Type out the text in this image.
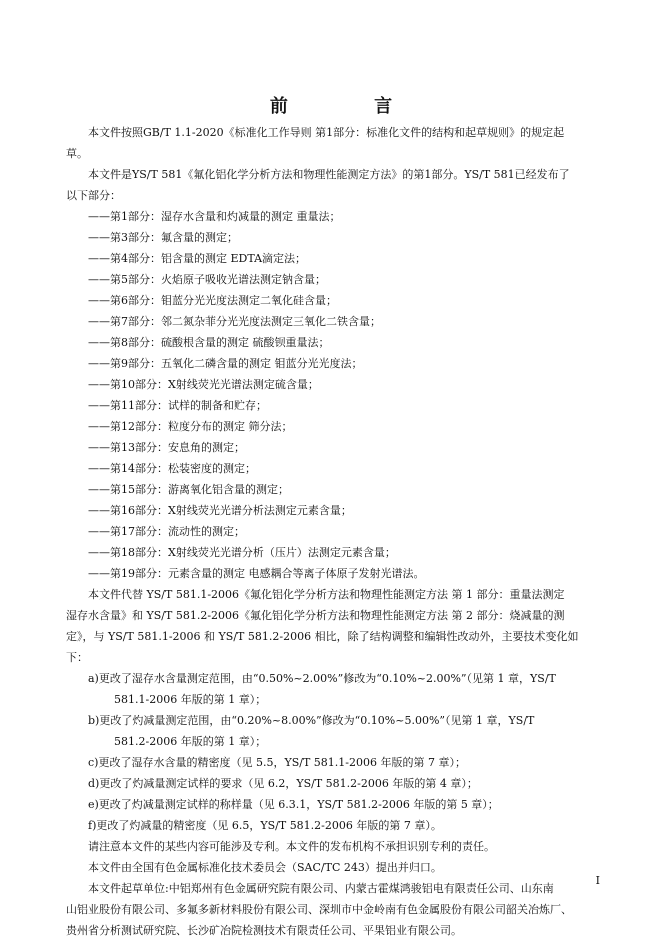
前 言

本文件按照GB/T 1.1-2020《标准化工作导则 第1部分：标准化文件的结构和起草规则》的规定起

草。

本文件是YS/T 581《氟化铝化学分析方法和物理性能测定方法》的第1部分。YS/T 581已经发布了

以下部分：

——第1部分：湿存水含量和灼减量的测定 重量法；

——第3部分：氟含量的测定；

——第4部分：铝含量的测定 EDTA滴定法；

——第5部分：火焰原子吸收光谱法测定钠含量；

——第6部分：钼蓝分光光度法测定二氧化硅含量；

——第7部分：邻二氮杂菲分光光度法测定三氧化二铁含量；

——第8部分：硫酸根含量的测定 硫酸钡重量法；

——第9部分：五氧化二磷含量的测定 钼蓝分光光度法；

——第10部分：X射线荧光光谱法测定硫含量；

——第11部分：试样的制备和贮存；

——第12部分：粒度分布的测定 筛分法；

——第13部分：安息角的测定；

——第14部分：松装密度的测定；

——第15部分：游离氧化铝含量的测定；

——第16部分：X射线荧光光谱分析法测定元素含量；

——第17部分：流动性的测定；

——第18部分：X射线荧光光谱分析（压片）法测定元素含量；

——第19部分：元素含量的测定 电感耦合等离子体原子发射光谱法。

本文件代替 YS/T 581.1-2006《氟化铝化学分析方法和物理性能测定方法 第 1 部分：重量法测定

湿存水含量》和 YS/T 581.2-2006《氟化铝化学分析方法和物理性能测定方法 第 2 部分：烧减量的测

定》，与 YS/T 581.1-2006 和 YS/T 581.2-2006 相比，除了结构调整和编辑性改动外，主要技术变化如

下：

a)更改了湿存水含量测定范围，由“0.50%~2.00%”修改为“0.10%~2.00%”（见第 1 章，YS/T

581.1-2006 年版的第 1 章）；

b)更改了灼减量测定范围，由“0.20%~8.00%”修改为“0.10%~5.00%”（见第 1 章，YS/T

581.2-2006 年版的第 1 章）；

c)更改了湿存水含量的精密度（见 5.5，YS/T 581.1-2006 年版的第 7 章）；

d)更改了灼减量测定试样的要求（见 6.2，YS/T 581.2-2006 年版的第 4 章）；

e)更改了灼减量测定试样的称样量（见 6.3.1，YS/T 581.2-2006 年版的第 5 章）；

f)更改了灼减量的精密度（见 6.5，YS/T 581.2-2006 年版的第 7 章）。

请注意本文件的某些内容可能涉及专利。本文件的发布机构不承担识别专利的责任。

本文件由全国有色金属标准化技术委员会（SAC/TC 243）提出并归口。

本文件起草单位:中铝郑州有色金属研究院有限公司、内蒙古霍煤鸿骏铝电有限责任公司、山东南

山铝业股份有限公司、多氟多新材料股份有限公司、深圳市中金岭南有色金属股份有限公司韶关冶炼厂、

贵州省分析测试研究院、长沙矿冶院检测技术有限责任公司、平果铝业有限公司。

I
